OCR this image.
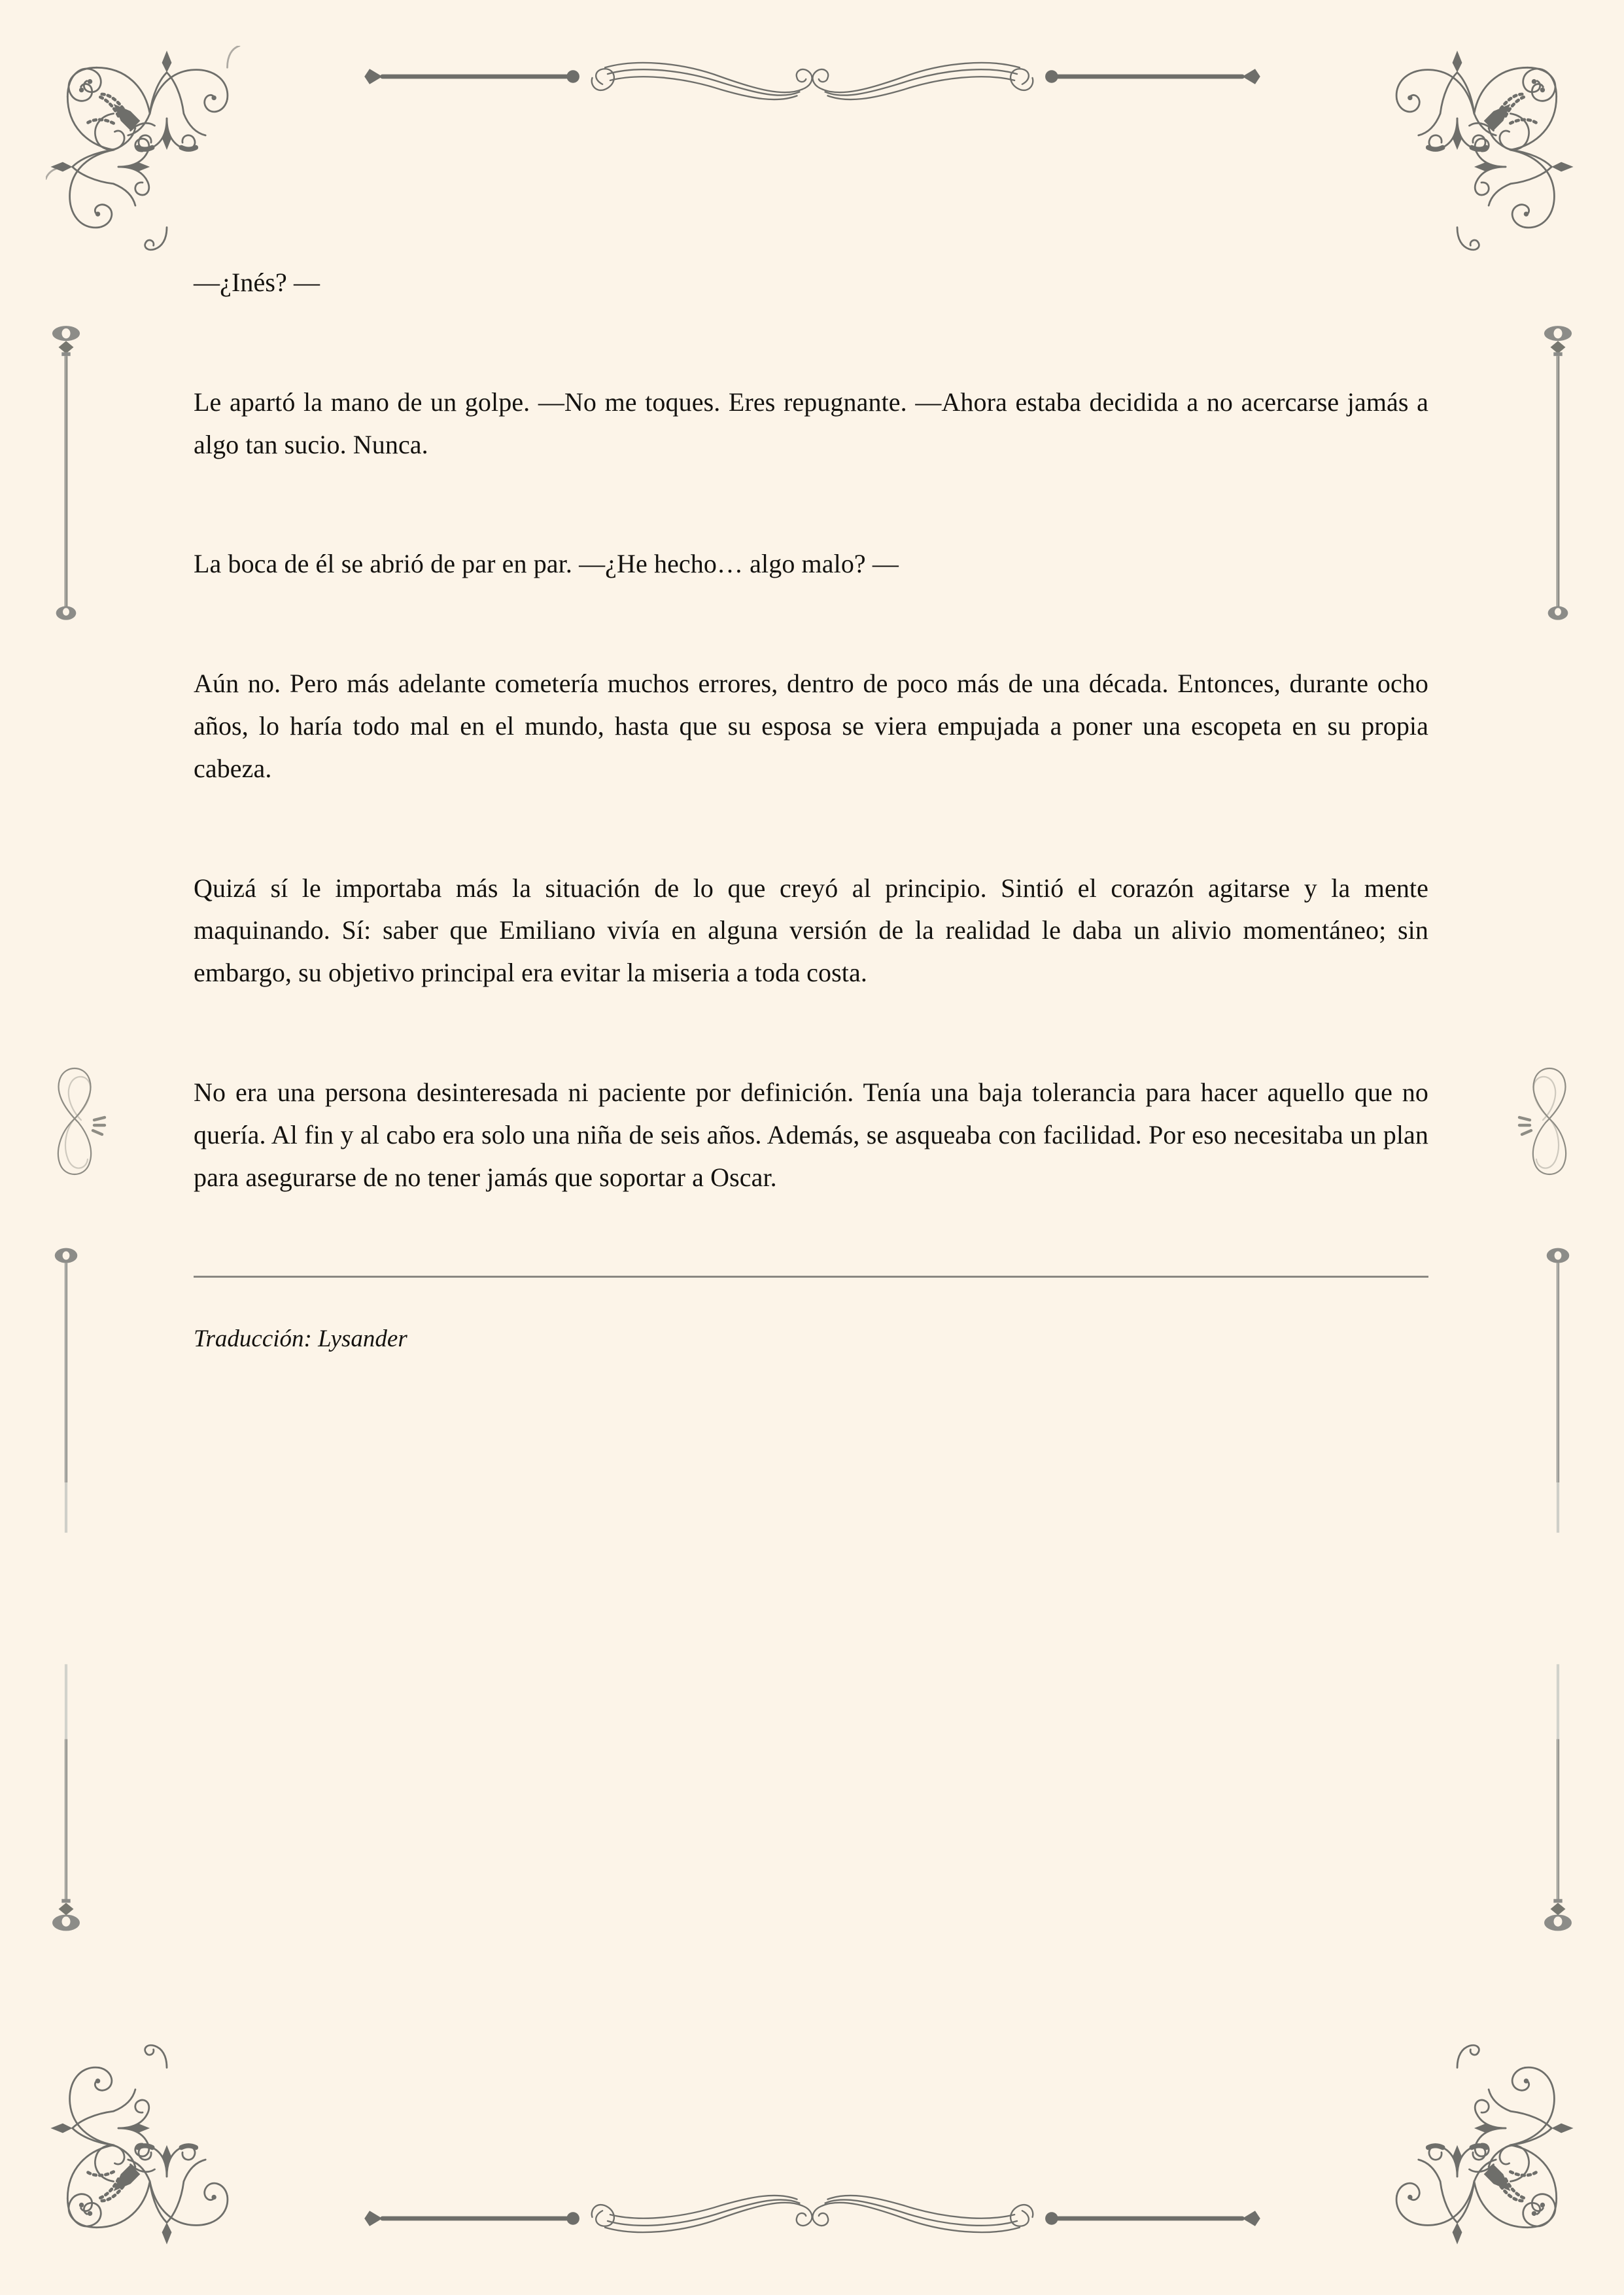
—¿Inés? —

Le apartó la mano de un golpe. —No me toques. Eres repugnante. —Ahora estaba decidida a no acercarse jamás a algo tan sucio. Nunca.

La boca de él se abrió de par en par. —¿He hecho… algo malo? —

Aún no. Pero más adelante cometería muchos errores, dentro de poco más de una década. Entonces, durante ocho años, lo haría todo mal en el mundo, hasta que su esposa se viera empujada a poner una escopeta en su propia cabeza.

Quizá sí le importaba más la situación de lo que creyó al principio. Sintió el corazón agitarse y la mente maquinando. Sí: saber que Emiliano vivía en alguna versión de la realidad le daba un alivio momentáneo; sin embargo, su objetivo principal era evitar la miseria a toda costa.

No era una persona desinteresada ni paciente por definición. Tenía una baja tolerancia para hacer aquello que no quería. Al fin y al cabo era solo una niña de seis años. Además, se asqueaba con facilidad. Por eso necesitaba un plan para asegurarse de no tener jamás que soportar a Oscar.

Traducción: Lysander
